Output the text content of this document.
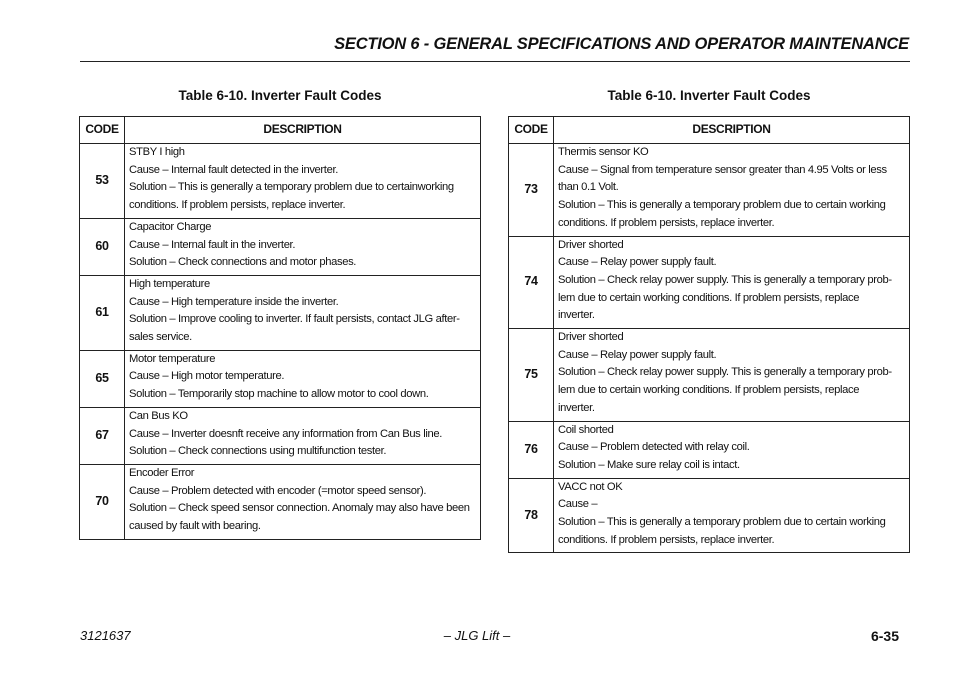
SECTION 6 - GENERAL SPECIFICATIONS AND OPERATOR MAINTENANCE
Table 6-10. Inverter Fault Codes
CODE	DESCRIPTION
53	STBY I high
Cause – Internal fault detected in the inverter.
Solution – This is generally a temporary problem due to certainworking
conditions. If problem persists, replace inverter.

60	Capacitor Charge
Cause – Internal fault in the inverter.
Solution – Check connections and motor phases.

61	High temperature
Cause – High temperature inside the inverter.
Solution – Improve cooling to inverter. If fault persists, contact JLG after-
sales service.

65	Motor temperature
Cause – High motor temperature.
Solution – Temporarily stop machine to allow motor to cool down.

67	Can Bus KO
Cause – Inverter doesnft receive any information from Can Bus line.
Solution – Check connections using multifunction tester.

70	Encoder Error
Cause – Problem detected with encoder (=motor speed sensor).
Solution – Check speed sensor connection. Anomaly may also have been
caused by fault with bearing.
Table 6-10. Inverter Fault Codes
CODE	DESCRIPTION
73	Thermis sensor KO
Cause – Signal from temperature sensor greater than 4.95 Volts or less
than 0.1 Volt.
Solution – This is generally a temporary problem due to certain working
conditions. If problem persists, replace inverter.

74	Driver shorted
Cause – Relay power supply fault.
Solution – Check relay power supply. This is generally a temporary prob-
lem due to certain working conditions. If problem persists, replace
inverter.

75	Driver shorted
Cause – Relay power supply fault.
Solution – Check relay power supply. This is generally a temporary prob-
lem due to certain working conditions. If problem persists, replace
inverter.

76	Coil shorted
Cause – Problem detected with relay coil.
Solution – Make sure relay coil is intact.

78	VACC not OK
Cause –
Solution – This is generally a temporary problem due to certain working
conditions. If problem persists, replace inverter.
3121637	– JLG Lift –	6-35
